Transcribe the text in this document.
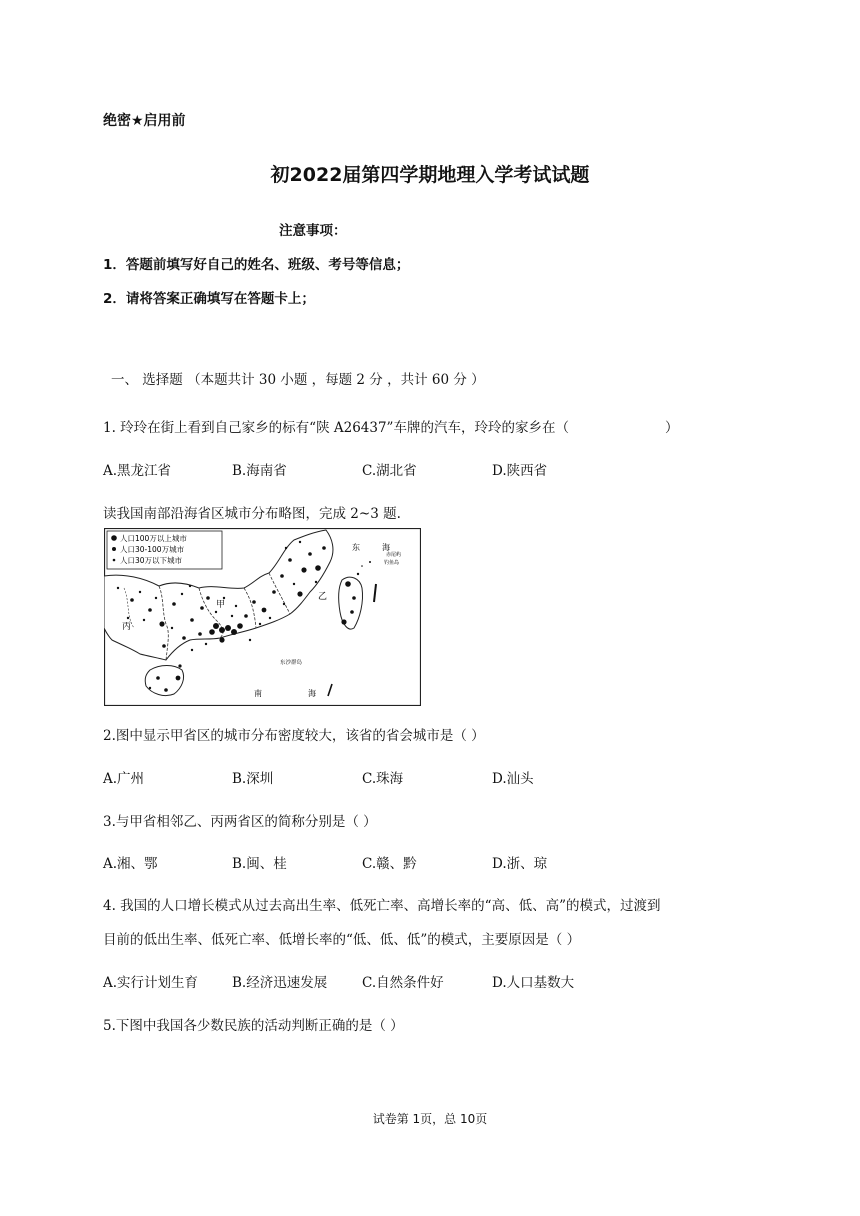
绝密★启用前
初2022届第四学期地理入学考试试题
注意事项：
1．答题前填写好自己的姓名、班级、考号等信息；
2．请将答案正确填写在答题卡上；
一、 选择题 （本题共计 30 小题 ，每题 2 分 ，共计 60 分 ）
1. 玲玲在街上看到自己家乡的标有“陕 A26437”车牌的汽车，玲玲的家乡在（	）
A.黑龙江省	B.海南省	C.湖北省	D.陕西省
读我国南部沿海省区城市分布略图，完成 2~3 题.
人口100万以上城市
人口30-100万城市
人口30万以下城市
甲
乙
丙
东	海
赤尾屿
钓鱼岛
东沙群岛
南	海
2.图中显示甲省区的城市分布密度较大，该省的省会城市是（ ）
A.广州	B.深圳	C.珠海	D.汕头
3.与甲省相邻乙、丙两省区的简称分别是（ ）
A.湘、鄂	B.闽、桂	C.赣、黔	D.浙、琼
4. 我国的人口增长模式从过去高出生率、低死亡率、高增长率的“高、低、高”的模式，过渡到
目前的低出生率、低死亡率、低增长率的“低、低、低”的模式，主要原因是（ ）
A.实行计划生育	B.经济迅速发展	C.自然条件好	D.人口基数大
5.下图中我国各少数民族的活动判断正确的是（ ）
试卷第 1页，总 10页
